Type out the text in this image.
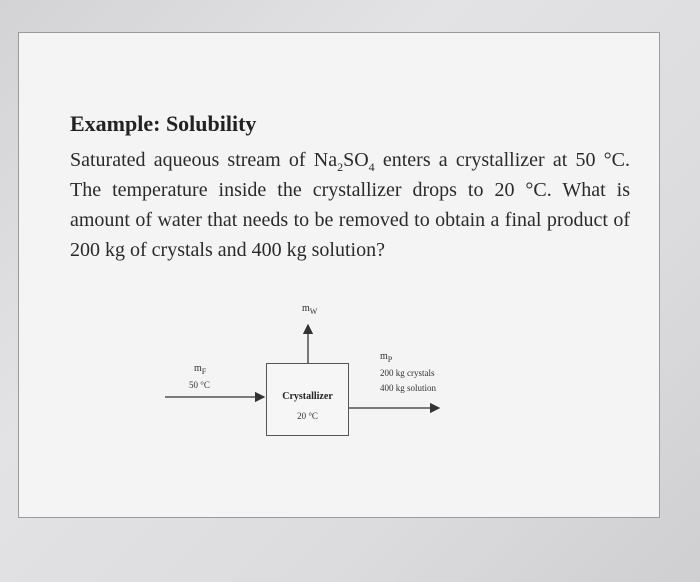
Example: Solubility
Saturated aqueous stream of $Na_2SO_4$ enters a crystallizer at 50 °C. The temperature inside the crystallizer drops to 20 °C. What is amount of water that needs to be removed to obtain a final product of 200 kg of crystals and 400 kg solution?
$m_W$
$m_F$
50 °C
$m_P$
200 kg crystals
400 kg solution
Crystallizer
20 °C
